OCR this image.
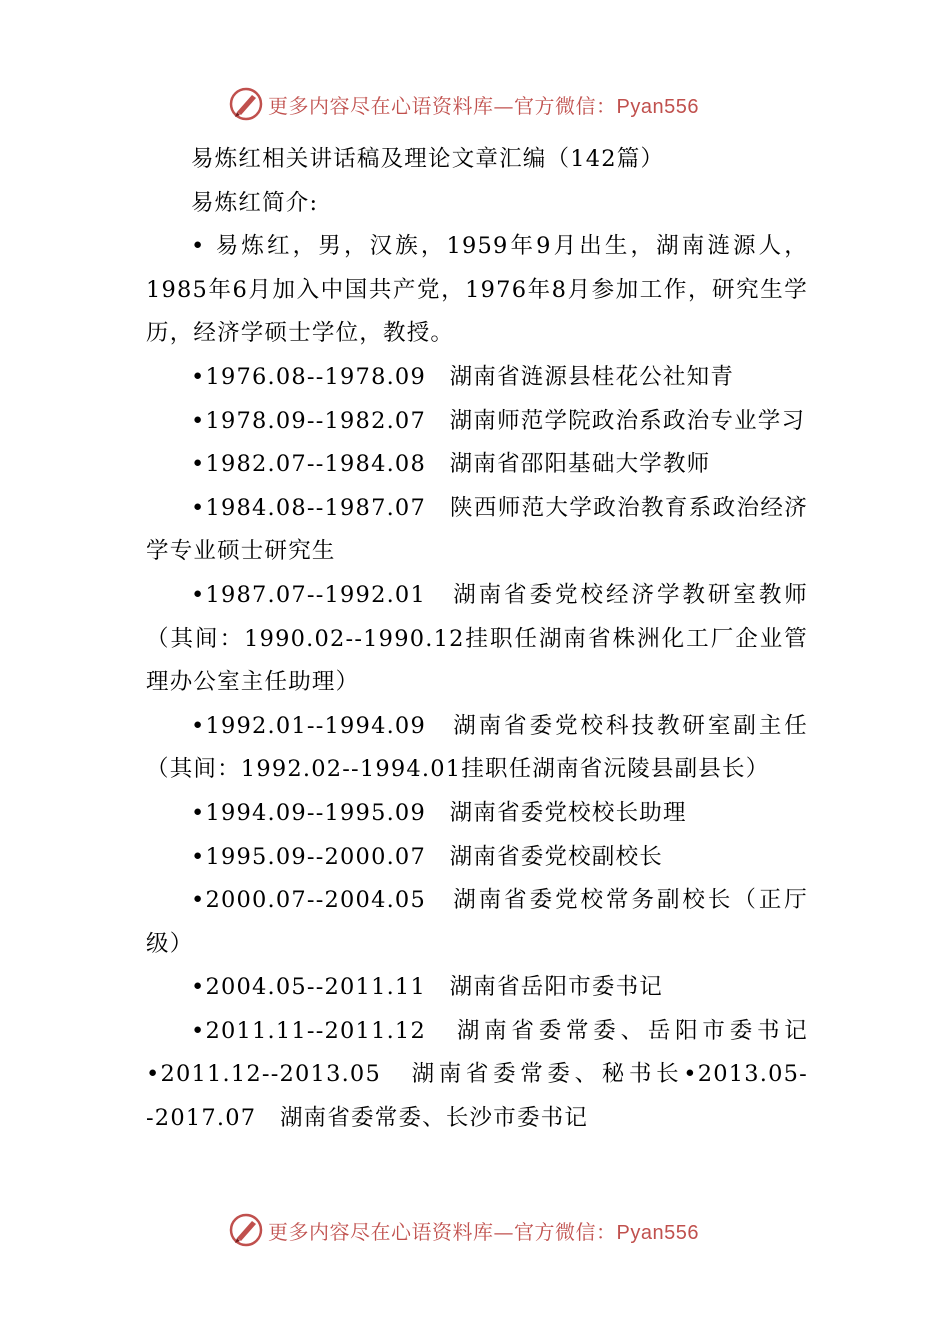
更多内容尽在心语资料库—官方微信：Pyan556

易炼红相关讲话稿及理论文章汇编（142篇）

易炼红简介:

• 易炼红，男，汉族，1959年9月出生，湖南涟源人，1985年6月加入中国共产党，1976年8月参加工作，研究生学历，经济学硕士学位，教授。

•1976.08--1978.09　湖南省涟源县桂花公社知青

•1978.09--1982.07　湖南师范学院政治系政治专业学习

•1982.07--1984.08　湖南省邵阳基础大学教师

•1984.08--1987.07　陕西师范大学政治教育系政治经济学专业硕士研究生

•1987.07--1992.01　湖南省委党校经济学教研室教师（其间：1990.02--1990.12挂职任湖南省株洲化工厂企业管理办公室主任助理）

•1992.01--1994.09　湖南省委党校科技教研室副主任（其间：1992.02--1994.01挂职任湖南省沅陵县副县长）

•1994.09--1995.09　湖南省委党校校长助理

•1995.09--2000.07　湖南省委党校副校长

•2000.07--2004.05　湖南省委党校常务副校长（正厅级）

•2004.05--2011.11　湖南省岳阳市委书记

•2011.11--2011.12　湖南省委常委、岳阳市委书记•2011.12--2013.05　湖南省委常委、秘书长•2013.05--2017.07　湖南省委常委、长沙市委书记

更多内容尽在心语资料库—官方微信：Pyan556
